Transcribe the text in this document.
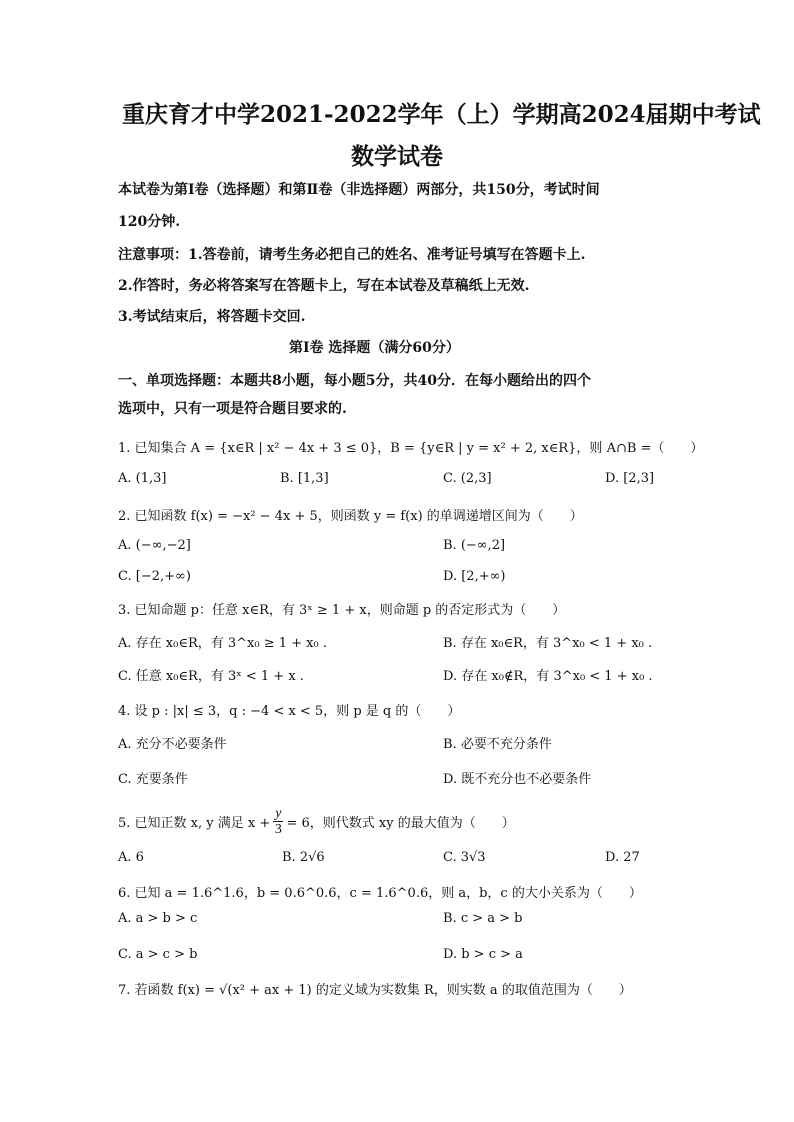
重庆育才中学2021-2022学年（上）学期高2024届期中考试
数学试卷
本试卷为第Ⅰ卷（选择题）和第Ⅱ卷（非选择题）两部分，共150分，考试时间
120分钟.
注意事项：1.答卷前，请考生务必把自己的姓名、准考证号填写在答题卡上.
2.作答时，务必将答案写在答题卡上，写在本试卷及草稿纸上无效.
3.考试结束后，将答题卡交回.
第Ⅰ卷 选择题（满分60分）
一、单项选择题：本题共8小题，每小题5分，共40分．在每小题给出的四个
选项中，只有一项是符合题目要求的.
1. 已知集合 A = {x∈R | x² − 4x + 3 ≤ 0}，B = {y∈R | y = x² + 2, x∈R}，则 A∩B =（　　）
A. (1,3]	B. [1,3]	C. (2,3]	D. [2,3]
2. 已知函数 f(x) = −x² − 4x + 5，则函数 y = f(x) 的单调递增区间为（　　）
A. (−∞,−2]	B. (−∞,2]
C. [−2,+∞)	D. [2,+∞)
3. 已知命题 p：任意 x∈R，有 3ˣ ≥ 1 + x，则命题 p 的否定形式为（　　）
A. 存在 x₀∈R，有 3^x₀ ≥ 1 + x₀ .	B. 存在 x₀∈R，有 3^x₀ < 1 + x₀ .
C. 任意 x₀∈R，有 3ˣ < 1 + x .	D. 存在 x₀∉R，有 3^x₀ < 1 + x₀ .
4. 设 p : |x| ≤ 3，q : −4 < x < 5，则 p 是 q 的（　　）
A. 充分不必要条件	B. 必要不充分条件
C. 充要条件	D. 既不充分也不必要条件
5. 已知正数 x, y 满足 $x + \frac{y}{3} = 6$，则代数式 xy 的最大值为（　　）
A. 6	B. 2√6	C. 3√3	D. 27
6. 已知 a = 1.6^1.6，b = 0.6^0.6，c = 1.6^0.6，则 a，b，c 的大小关系为（　　）
A. a > b > c	B. c > a > b
C. a > c > b	D. b > c > a
7. 若函数 f(x) = √(x² + ax + 1) 的定义域为实数集 R，则实数 a 的取值范围为（　　）
